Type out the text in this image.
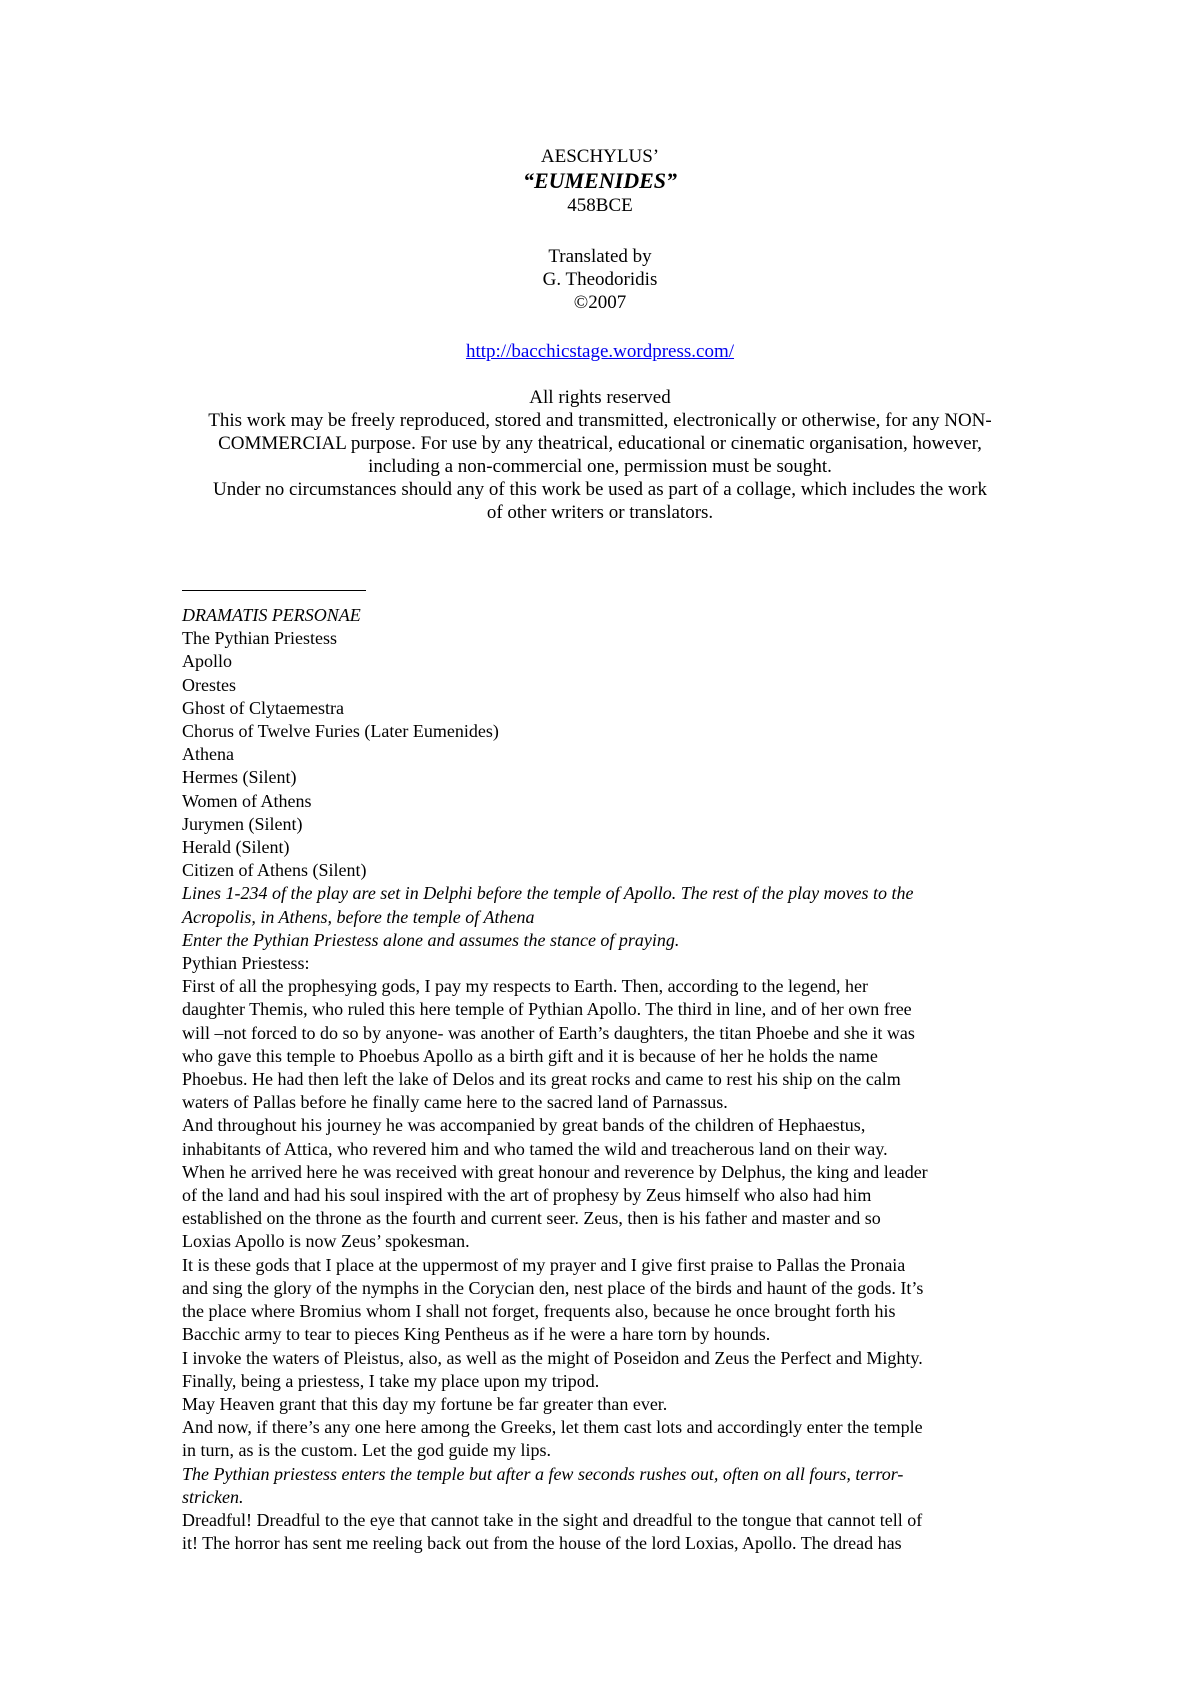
AESCHYLUS’
“EUMENIDES”
458BCE
Translated by
G. Theodoridis
©2007
http://bacchicstage.wordpress.com/
All rights reserved
This work may be freely reproduced, stored and transmitted, electronically or otherwise, for any NON-
COMMERCIAL purpose. For use by any theatrical, educational or cinematic organisation, however,
including a non-commercial one, permission must be sought.
Under no circumstances should any of this work be used as part of a collage, which includes the work
of other writers or translators.
DRAMATIS PERSONAE
The Pythian Priestess
Apollo
Orestes
Ghost of Clytaemestra
Chorus of Twelve Furies (Later Eumenides)
Athena
Hermes (Silent)
Women of Athens
Jurymen (Silent)
Herald (Silent)
Citizen of Athens (Silent)
Lines 1-234 of the play are set in Delphi before the temple of Apollo. The rest of the play moves to the
Acropolis, in Athens, before the temple of Athena
Enter the Pythian Priestess alone and assumes the stance of praying.
Pythian Priestess:
First of all the prophesying gods, I pay my respects to Earth. Then, according to the legend, her
daughter Themis, who ruled this here temple of Pythian Apollo. The third in line, and of her own free
will –not forced to do so by anyone- was another of Earth’s daughters, the titan Phoebe and she it was
who gave this temple to Phoebus Apollo as a birth gift and it is because of her he holds the name
Phoebus. He had then left the lake of Delos and its great rocks and came to rest his ship on the calm
waters of Pallas before he finally came here to the sacred land of Parnassus.
And throughout his journey he was accompanied by great bands of the children of Hephaestus,
inhabitants of Attica, who revered him and who tamed the wild and treacherous land on their way.
When he arrived here he was received with great honour and reverence by Delphus, the king and leader
of the land and had his soul inspired with the art of prophesy by Zeus himself who also had him
established on the throne as the fourth and current seer. Zeus, then is his father and master and so
Loxias Apollo is now Zeus’ spokesman.
It is these gods that I place at the uppermost of my prayer and I give first praise to Pallas the Pronaia
and sing the glory of the nymphs in the Corycian den, nest place of the birds and haunt of the gods. It’s
the place where Bromius whom I shall not forget, frequents also, because he once brought forth his
Bacchic army to tear to pieces King Pentheus as if he were a hare torn by hounds.
I invoke the waters of Pleistus, also, as well as the might of Poseidon and Zeus the Perfect and Mighty.
Finally, being a priestess, I take my place upon my tripod.
May Heaven grant that this day my fortune be far greater than ever.
And now, if there’s any one here among the Greeks, let them cast lots and accordingly enter the temple
in turn, as is the custom. Let the god guide my lips.
The Pythian priestess enters the temple but after a few seconds rushes out, often on all fours, terror-
stricken.
Dreadful! Dreadful to the eye that cannot take in the sight and dreadful to the tongue that cannot tell of
it! The horror has sent me reeling back out from the house of the lord Loxias, Apollo. The dread has
